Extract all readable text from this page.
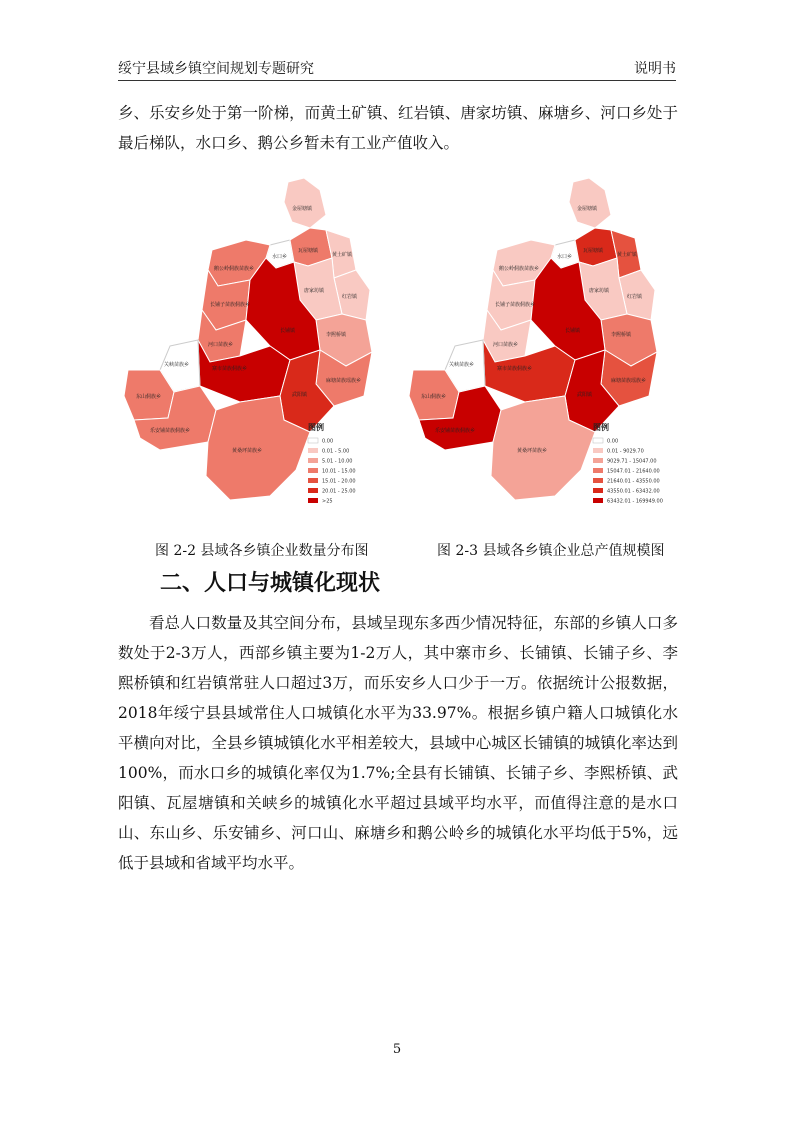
绥宁县域乡镇空间规划专题研究	说明书

乡、乐安乡处于第一阶梯，而黄土矿镇、红岩镇、唐家坊镇、麻塘乡、河口乡处于最后梯队，水口乡、鹅公乡暂未有工业产值收入。

金屋塘镇
水口乡
瓦屋塘镇
黄土矿镇
红岩镇
鹅公岭侗族苗族乡
唐家坊镇
长铺子苗族侗族乡
李熙桥镇
河口苗族乡
长铺镇
麻塘苗族瑶族乡
寨市苗族侗族乡
武阳镇
关峡苗族乡
东山侗族乡
乐安铺苗族侗族乡
黄桑坪苗族乡
图例
0.00
0.01 - 5.00
5.01 - 10.00
10.01 - 15.00
15.01 - 20.00
20.01 - 25.00
>25
金屋塘镇
水口乡
瓦屋塘镇
黄土矿镇
红岩镇
鹅公岭侗族苗族乡
唐家坊镇
长铺子苗族侗族乡
李熙桥镇
河口苗族乡
长铺镇
麻塘苗族瑶族乡
寨市苗族侗族乡
武阳镇
关峡苗族乡
东山侗族乡
乐安铺苗族侗族乡
黄桑坪苗族乡
图例
0.00
0.01 - 9029.70
9029.71 - 15047.00
15047.01 - 21640.00
21640.01 - 43550.00
43550.01 - 63432.00
63432.01 - 169949.00
图 2-2 县域各乡镇企业数量分布图	图 2-3 县域各乡镇企业总产值规模图
二、人口与城镇化现状

看总人口数量及其空间分布，县域呈现东多西少情况特征，东部的乡镇人口多数处于2-3万人，西部乡镇主要为1-2万人，其中寨市乡、长铺镇、长铺子乡、李熙桥镇和红岩镇常驻人口超过3万，而乐安乡人口少于一万。依据统计公报数据，2018年绥宁县县域常住人口城镇化水平为33.97%。根据乡镇户籍人口城镇化水平横向对比，全县乡镇城镇化水平相差较大，县域中心城区长铺镇的城镇化率达到100%，而水口乡的城镇化率仅为1.7%;全县有长铺镇、长铺子乡、李熙桥镇、武阳镇、瓦屋塘镇和关峡乡的城镇化水平超过县域平均水平，而值得注意的是水口山、东山乡、乐安铺乡、河口山、麻塘乡和鹅公岭乡的城镇化水平均低于5%，远低于县域和省域平均水平。

5
